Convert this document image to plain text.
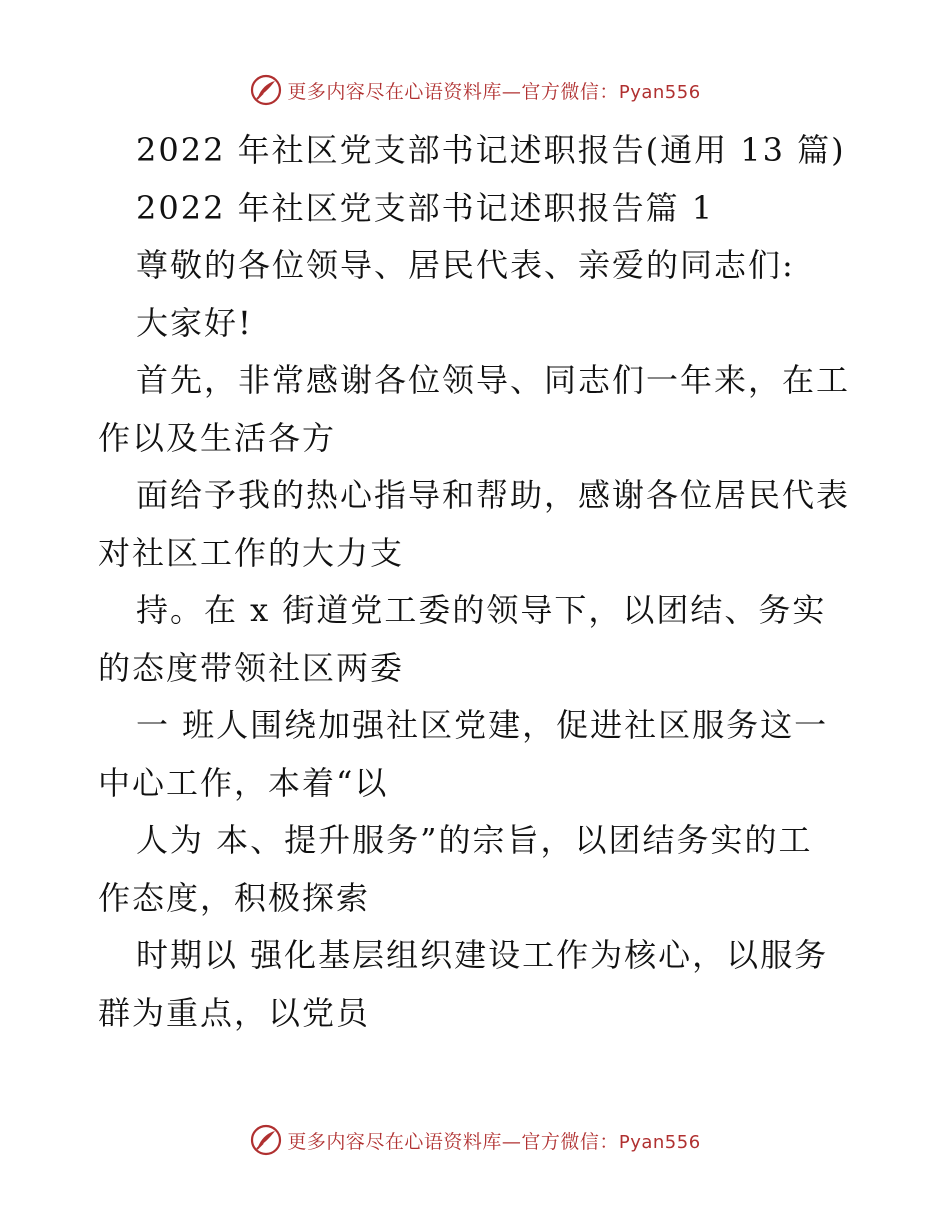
更多内容尽在心语资料库—官方微信：Pyan556
2022 年社区党支部书记述职报告(通用 13 篇)
2022 年社区党支部书记述职报告篇 1
尊敬的各位领导、居民代表、亲爱的同志们:
大家好!
首先，非常感谢各位领导、同志们一年来，在工
作以及生活各方
面给予我的热心指导和帮助，感谢各位居民代表
对社区工作的大力支
持。在 x 街道党工委的领导下，以团结、务实
的态度带领社区两委
一 班人围绕加强社区党建，促进社区服务这一
中心工作，本着“以
人为 本、提升服务”的宗旨，以团结务实的工
作态度，积极探索
时期以 强化基层组织建设工作为核心，以服务
群为重点，以党员
更多内容尽在心语资料库—官方微信：Pyan556
